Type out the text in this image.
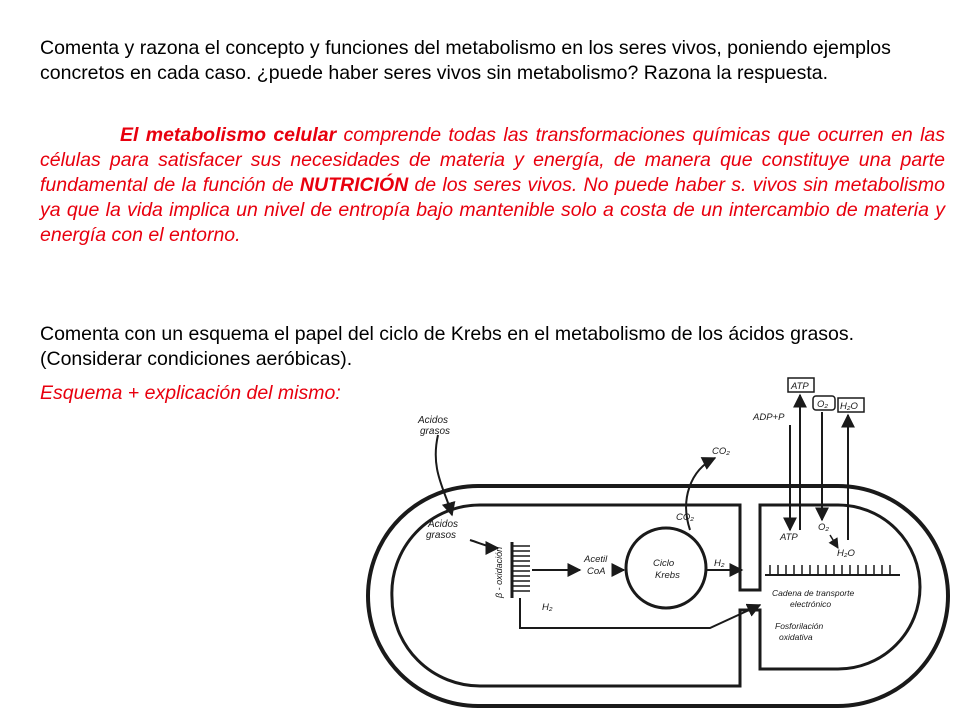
Comenta y razona el concepto y funciones del metabolismo en los seres vivos, poniendo ejemplos concretos en cada caso. ¿puede haber seres vivos sin metabolismo? Razona la respuesta.
El metabolismo celular comprende todas las transformaciones químicas que ocurren en las células para satisfacer sus necesidades de materia y energía, de manera que constituye una parte fundamental de la función de NUTRICIÓN de los seres vivos. No puede haber s. vivos sin metabolismo ya que la vida implica un nivel de entropía bajo mantenible solo a costa de un intercambio de materia y energía con el entorno.
Comenta con un esquema el papel del ciclo de Krebs en el metabolismo de los ácidos grasos. (Considerar condiciones aeróbicas).
Esquema + explicación del mismo:
Acidos
grasos
Acidos
grasos
β - oxidación	Acetil
CoA
Ciclo
Krebs
CO₂
CO₂
H₂
H₂
ATP
O₂ H₂O
ADP+P
ATP
O₂
H₂O
Cadena de transporte
electrónico
Fosforilación
oxidativa
